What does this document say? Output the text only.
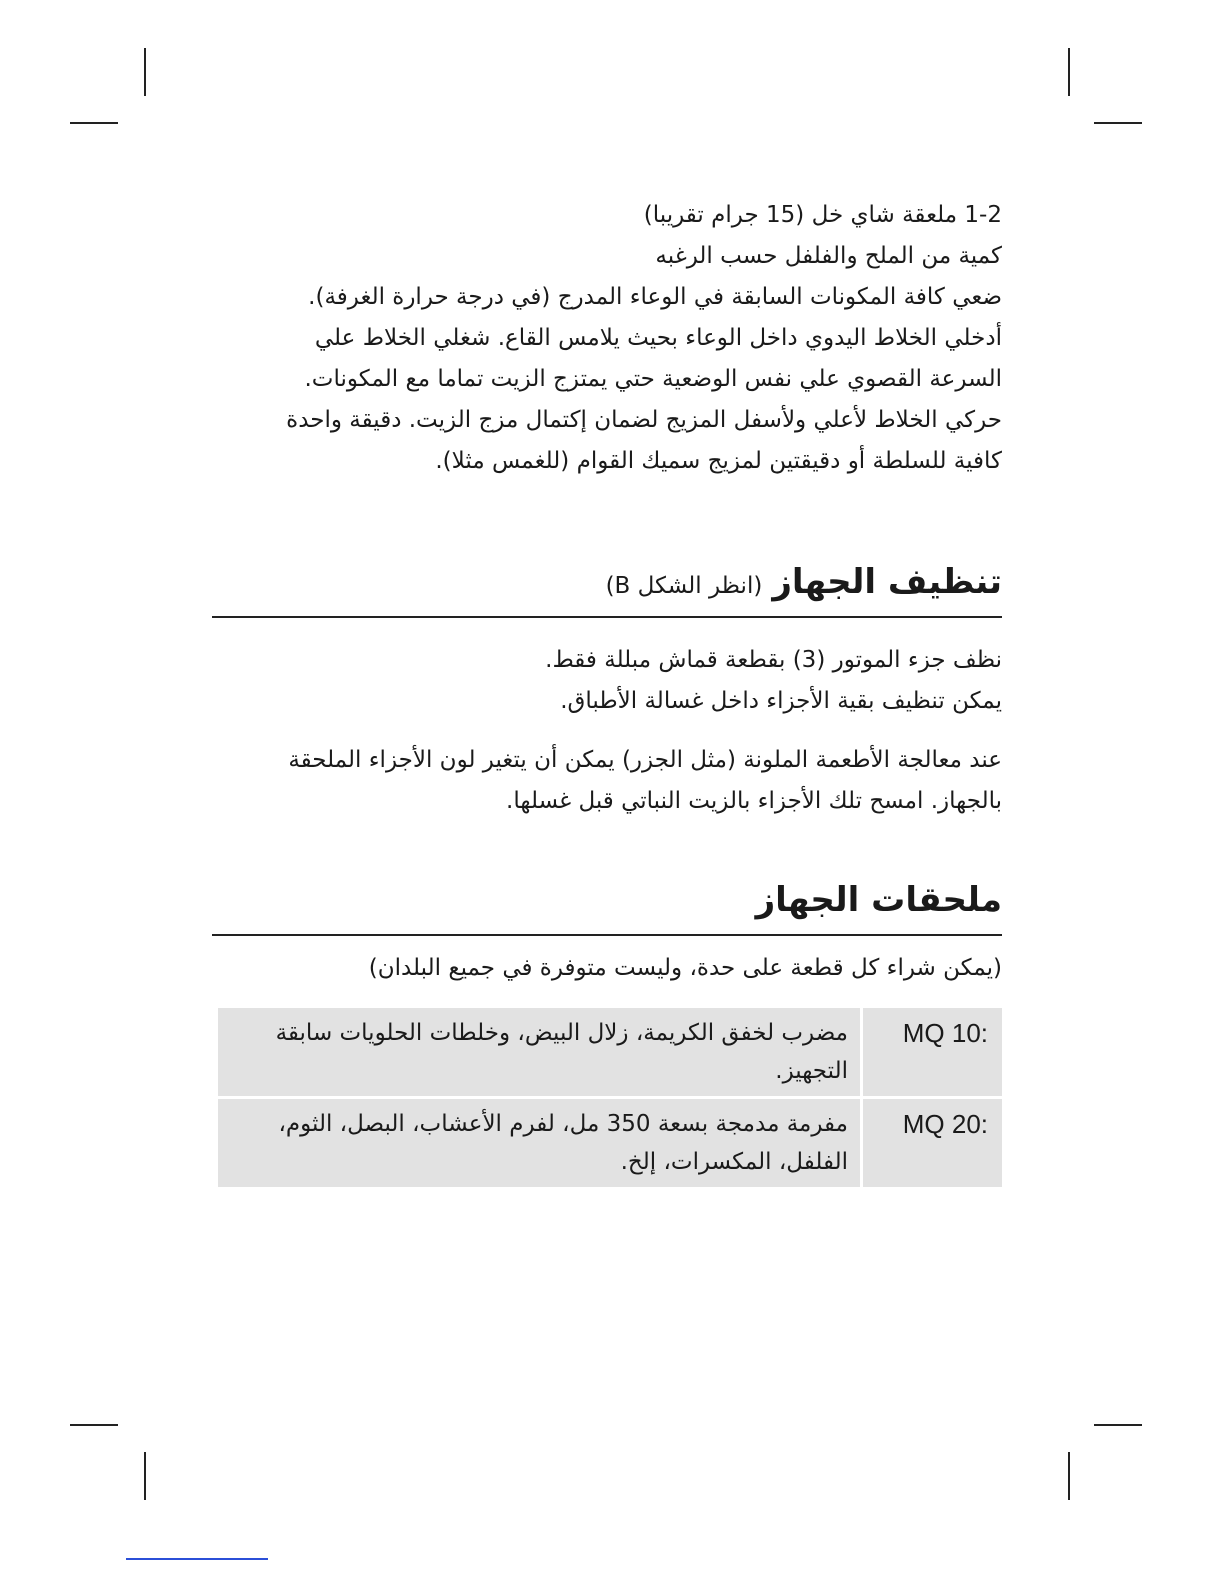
1-2 ملعقة شاي خل (15 جرام تقريبا)

كمية من الملح والفلفل حسب الرغبه

ضعي كافة المكونات السابقة في الوعاء المدرج (في درجة حرارة الغرفة).

أدخلي الخلاط اليدوي داخل الوعاء بحيث يلامس القاع. شغلي الخلاط علي

السرعة القصوي علي نفس الوضعية حتي يمتزج الزيت تماما مع المكونات.

حركي الخلاط لأعلي ولأسفل المزيج لضمان إكتمال مزج الزيت. دقيقة واحدة

كافية للسلطة أو دقيقتين لمزيج سميك القوام (للغمس مثلا).

تنظيف الجهاز
(انظر الشكل B)

نظف جزء الموتور (3) بقطعة قماش مبللة فقط.

يمكن تنظيف بقية الأجزاء داخل غسالة الأطباق.

عند معالجة الأطعمة الملونة (مثل الجزر) يمكن أن يتغير لون الأجزاء الملحقة

بالجهاز. امسح تلك الأجزاء بالزيت النباتي قبل غسلها.

ملحقات الجهاز

(يمكن شراء كل قطعة على حدة، وليست متوفرة في جميع البلدان)

MQ 10:	مضرب لخفق الكريمة، زلال البيض، وخلطات الحلويات سابقة التجهيز.
MQ 20:	مفرمة مدمجة بسعة 350 مل، لفرم الأعشاب، البصل، الثوم، الفلفل، المكسرات، إلخ.
